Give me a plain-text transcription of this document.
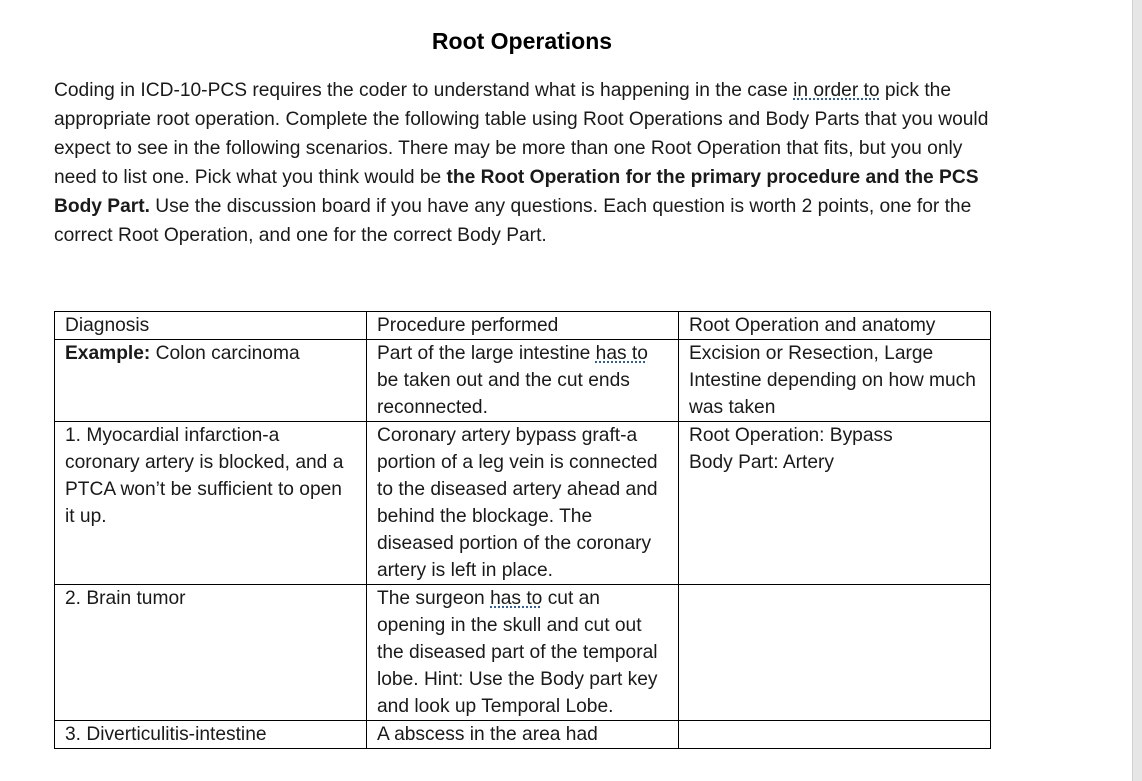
Root Operations
Coding in ICD-10-PCS requires the coder to understand what is happening in the case in order to pick the appropriate root operation. Complete the following table using Root Operations and Body Parts that you would expect to see in the following scenarios. There may be more than one Root Operation that fits, but you only need to list one. Pick what you think would be the Root Operation for the primary procedure and the PCS Body Part. Use the discussion board if you have any questions. Each question is worth 2 points, one for the correct Root Operation, and one for the correct Body Part.
Diagnosis	Procedure performed	Root Operation and anatomy
Example: Colon carcinoma	Part of the large intestine has to be taken out and the cut ends reconnected.	Excision or Resection, Large Intestine depending on how much was taken
1. Myocardial infarction-a coronary artery is blocked, and a PTCA won’t be sufficient to open it up.	Coronary artery bypass graft-a portion of a leg vein is connected to the diseased artery ahead and behind the blockage. The diseased portion of the coronary artery is left in place.	Root Operation: Bypass
Body Part: Artery

2. Brain tumor	The surgeon has to cut an opening in the skull and cut out the diseased part of the temporal lobe. Hint: Use the Body part key and look up Temporal Lobe.	
3. Diverticulitis-intestine	A abscess in the area had	
